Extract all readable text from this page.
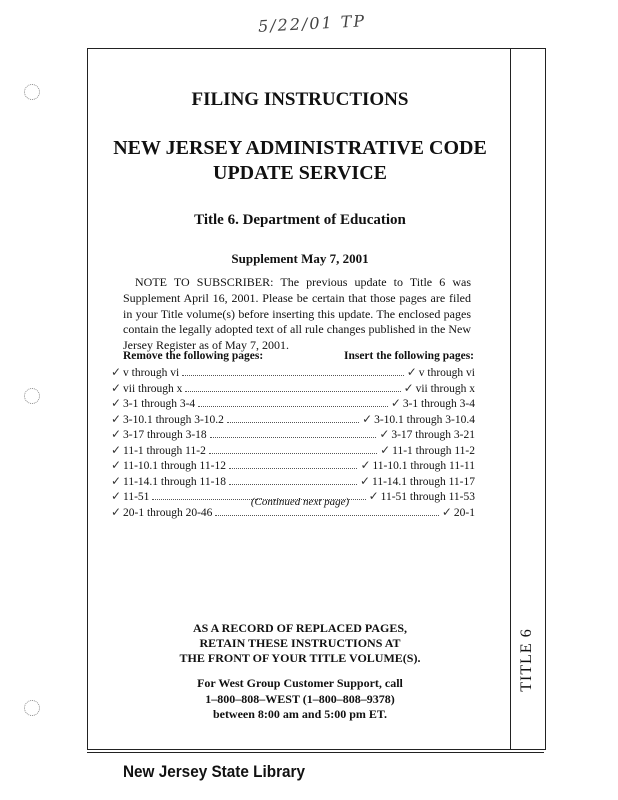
5/22/01 TP
TITLE 6
FILING INSTRUCTIONS
NEW JERSEY ADMINISTRATIVE CODE
UPDATE SERVICE
Title 6. Department of Education
Supplement May 7, 2001
NOTE TO SUBSCRIBER: The previous update to Title 6 was Supplement April 16, 2001. Please be certain that those pages are filed in your Title volume(s) before inserting this update. The enclosed pages contain the legally adopted text of all rule changes published in the New Jersey Register as of May 7, 2001.
Remove the following pages:	Insert the following pages:
✓ v through vi	✓ v through vi
✓ vii through x	✓ vii through x
✓ 3-1 through 3-4	✓ 3-1 through 3-4
✓ 3-10.1 through 3-10.2	✓ 3-10.1 through 3-10.4
✓ 3-17 through 3-18	✓ 3-17 through 3-21
✓ 11-1 through 11-2	✓ 11-1 through 11-2
✓ 11-10.1 through 11-12	✓ 11-10.1 through 11-11
✓ 11-14.1 through 11-18	✓ 11-14.1 through 11-17
✓ 11-51	✓ 11-51 through 11-53
✓ 20-1 through 20-46	✓ 20-1
(Continued next page)
AS A RECORD OF REPLACED PAGES,
RETAIN THESE INSTRUCTIONS AT
THE FRONT OF YOUR TITLE VOLUME(S).
For West Group Customer Support, call
1–800–808–WEST (1–800–808–9378)
between 8:00 am and 5:00 pm ET.
New Jersey State Library
